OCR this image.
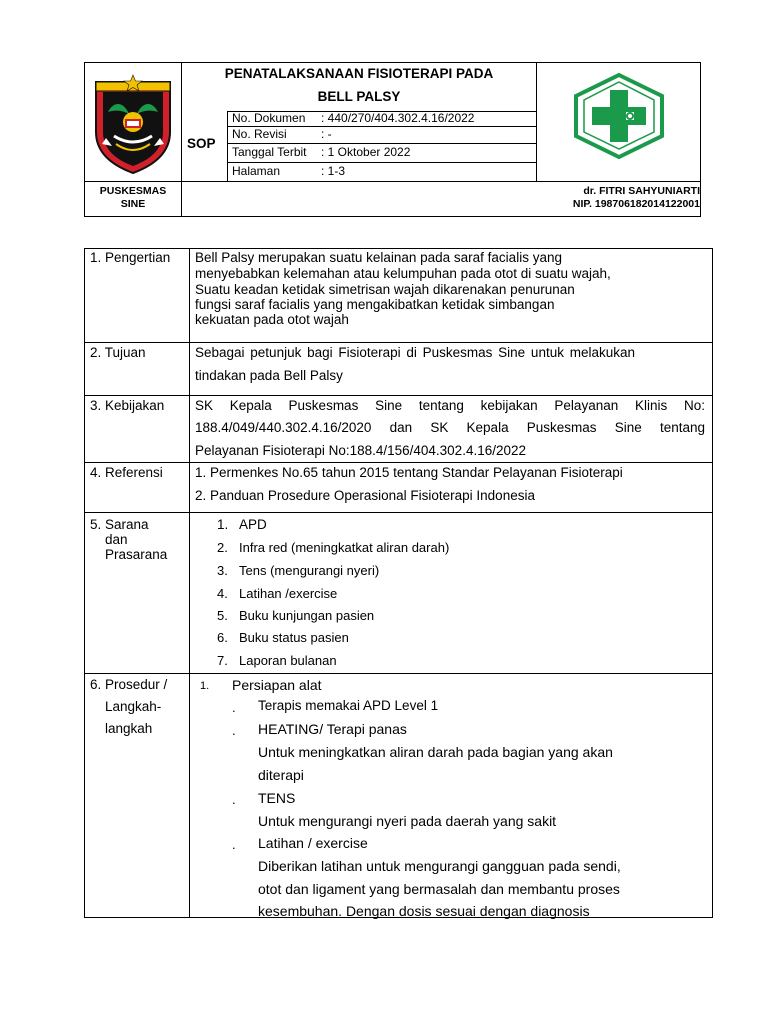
PENATALAKSANAAN FISIOTERAPI PADA
BELL PALSY
SOP
No. Dokumen : 440/270/404.302.4.16/2022
No. Revisi	: -
Tanggal Terbit : 1 Oktober 2022
Halaman	: 1-3
PUSKESMAS
SINE
dr. FITRI SAHYUNIARTI
NIP. 198706182014122001
1. Pengertian Bell Palsy merupakan suatu kelainan pada saraf facialis yang
menyebabkan kelemahan atau kelumpuhan pada otot di suatu wajah,
Suatu keadan ketidak simetrisan wajah dikarenakan penurunan
fungsi saraf facialis yang mengakibatkan ketidak simbangan
kekuatan pada otot wajah
2. Tujuan	Sebagai petunjuk bagi Fisioterapi di Puskesmas Sine untuk melakukan
tindakan pada Bell Palsy
3. Kebijakan SK Kepala Puskesmas Sine tentang kebijakan Pelayanan Klinis No:
188.4/049/440.302.4.16/2020 dan SK Kepala Puskesmas Sine tentang
Pelayanan Fisioterapi No:188.4/156/404.302.4.16/2022
4. Referensi 1. Permenkes No.65 tahun 2015 tentang Standar Pelayanan Fisioterapi
2. Panduan Prosedure Operasional Fisioterapi Indonesia
5. Sarana
dan
Prasarana
1. APD
2. Infra red (meningkatkat aliran darah)
3. Tens (mengurangi nyeri)
4. Latihan /exercise
5. Buku kunjungan pasien
6. Buku status pasien
7. Laporan bulanan
6. Prosedur /
Langkah-
langkah
1. Persiapan alat
. Terapis memakai APD Level 1
. HEATING/ Terapi panas
Untuk meningkatkan aliran darah pada bagian yang akan
diterapi
. TENS
Untuk mengurangi nyeri pada daerah yang sakit
. Latihan / exercise
Diberikan latihan untuk mengurangi gangguan pada sendi,
otot dan ligament yang bermasalah dan membantu proses
kesembuhan. Dengan dosis sesuai dengan diagnosis
